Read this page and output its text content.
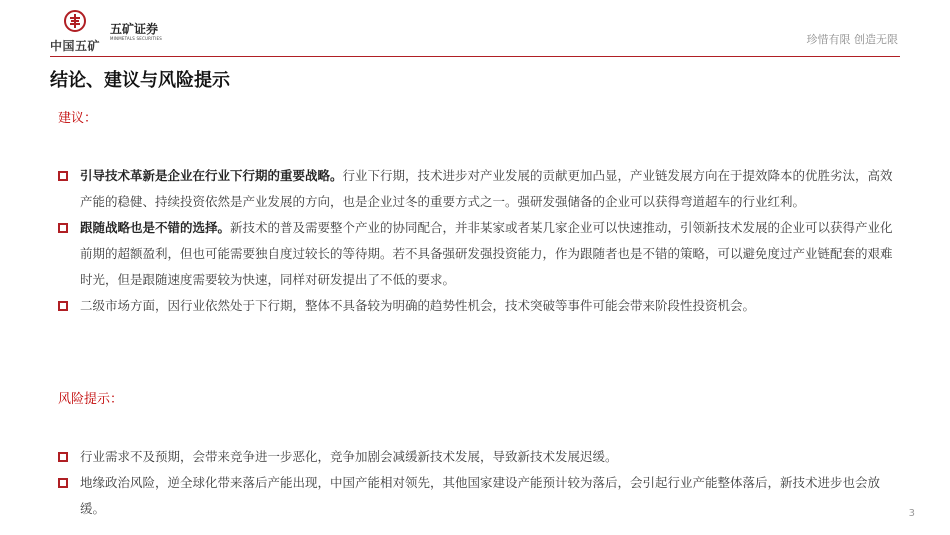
中国五矿
五矿证券
MINMETALS SECURITIES	珍惜有限 创造无限
结论、建议与风险提示
建议：
引导技术革新是企业在行业下行期的重要战略。行业下行期，技术进步对产业发展的贡献更加凸显，产业链发展方向在于提效降本的优胜劣汰，高效产能的稳健、持续投资依然是产业发展的方向，也是企业过冬的重要方式之一。强研发强储备的企业可以获得弯道超车的行业红利。
跟随战略也是不错的选择。新技术的普及需要整个产业的协同配合，并非某家或者某几家企业可以快速推动，引领新技术发展的企业可以获得产业化前期的超额盈利，但也可能需要独自度过较长的等待期。若不具备强研发强投资能力，作为跟随者也是不错的策略，可以避免度过产业链配套的艰难时光，但是跟随速度需要较为快速，同样对研发提出了不低的要求。
二级市场方面，因行业依然处于下行期，整体不具备较为明确的趋势性机会，技术突破等事件可能会带来阶段性投资机会。
风险提示：
行业需求不及预期，会带来竞争进一步恶化，竞争加剧会减缓新技术发展，导致新技术发展迟缓。
地缘政治风险，逆全球化带来落后产能出现，中国产能相对领先，其他国家建设产能预计较为落后，会引起行业产能整体落后，新技术进步也会放缓。	3
